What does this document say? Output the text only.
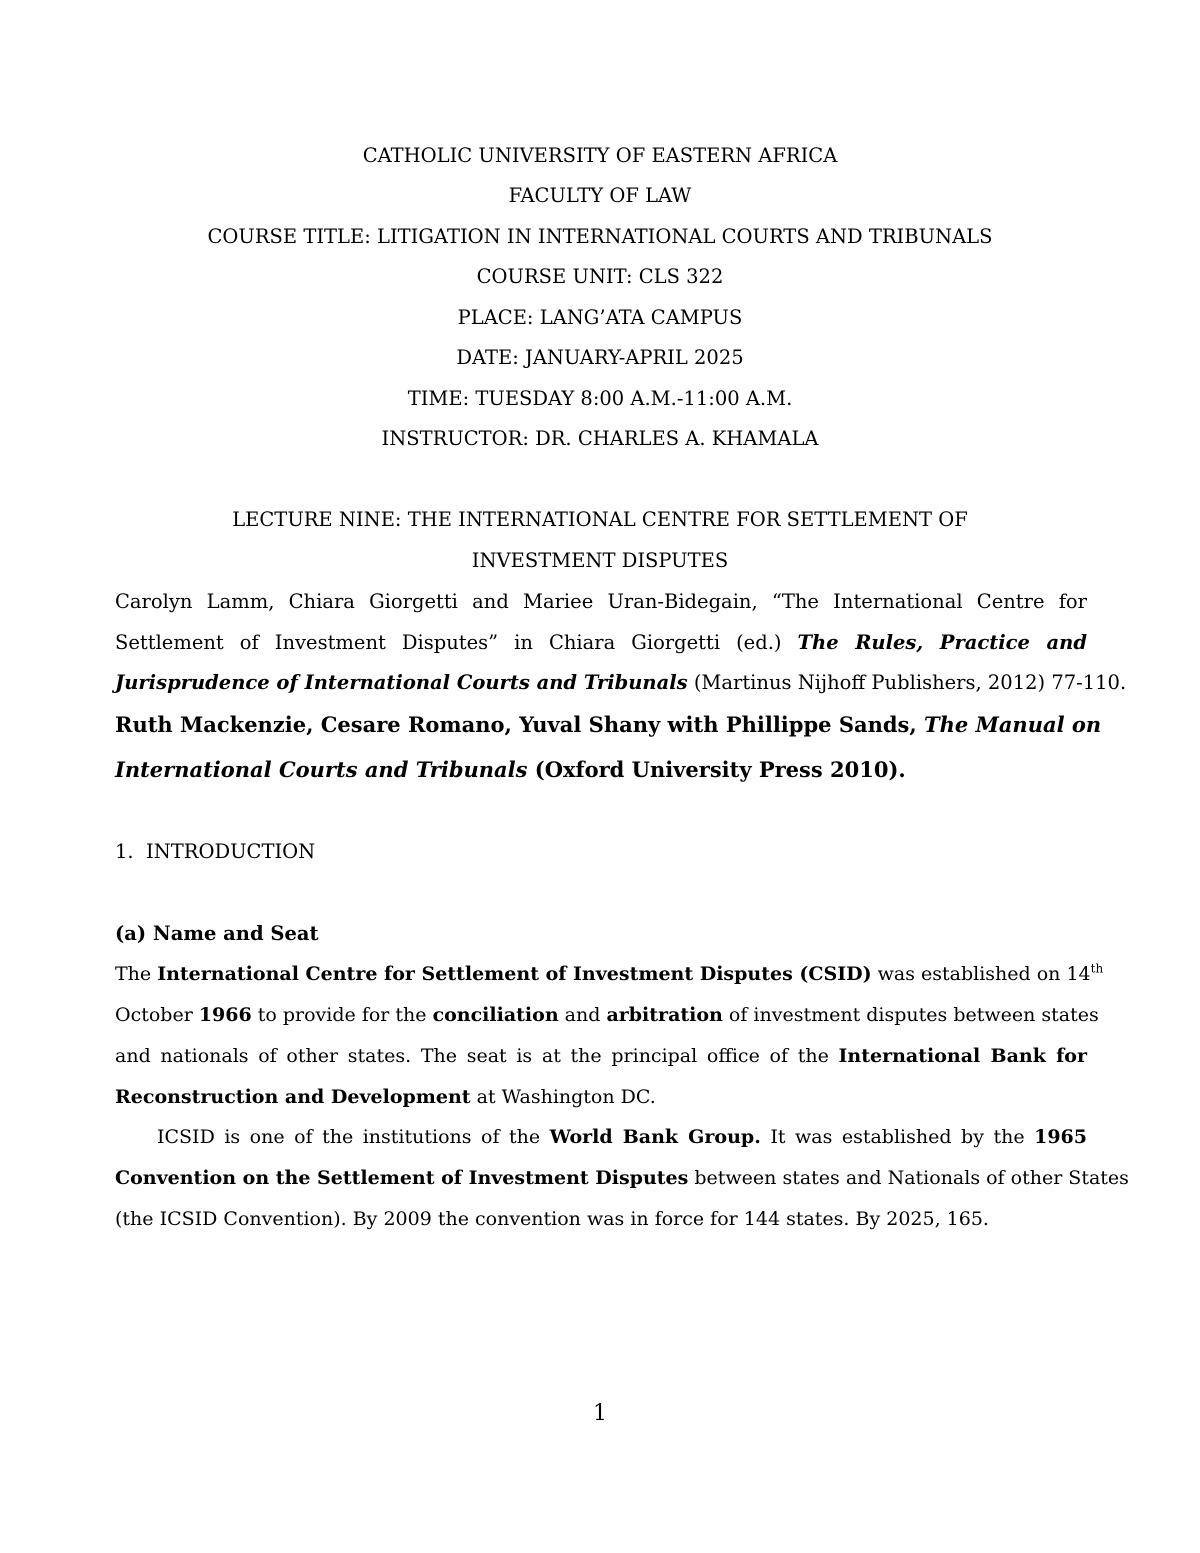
CATHOLIC UNIVERSITY OF EASTERN AFRICA
FACULTY OF LAW
COURSE TITLE: LITIGATION IN INTERNATIONAL COURTS AND TRIBUNALS
COURSE UNIT: CLS 322
PLACE: LANG’ATA CAMPUS
DATE: JANUARY-APRIL 2025
TIME: TUESDAY 8:00 A.M.-11:00 A.M.
INSTRUCTOR: DR. CHARLES A. KHAMALA
LECTURE NINE: THE INTERNATIONAL CENTRE FOR SETTLEMENT OF
INVESTMENT DISPUTES
Carolyn Lamm, Chiara Giorgetti and Mariee Uran-Bidegain, “The International Centre for
Settlement of Investment Disputes” in Chiara Giorgetti (ed.) The Rules, Practice and
Jurisprudence of International Courts and Tribunals (Martinus Nijhoff Publishers, 2012) 77-110.
Ruth Mackenzie, Cesare Romano, Yuval Shany with Phillippe Sands, The Manual on
International Courts and Tribunals (Oxford University Press 2010).
1. INTRODUCTION
(a) Name and Seat
The International Centre for Settlement of Investment Disputes (CSID) was established on 14th
October 1966 to provide for the conciliation and arbitration of investment disputes between states
and nationals of other states. The seat is at the principal office of the International Bank for
Reconstruction and Development at Washington DC.
ICSID is one of the institutions of the World Bank Group. It was established by the 1965
Convention on the Settlement of Investment Disputes between states and Nationals of other States
(the ICSID Convention). By 2009 the convention was in force for 144 states. By 2025, 165.
1
